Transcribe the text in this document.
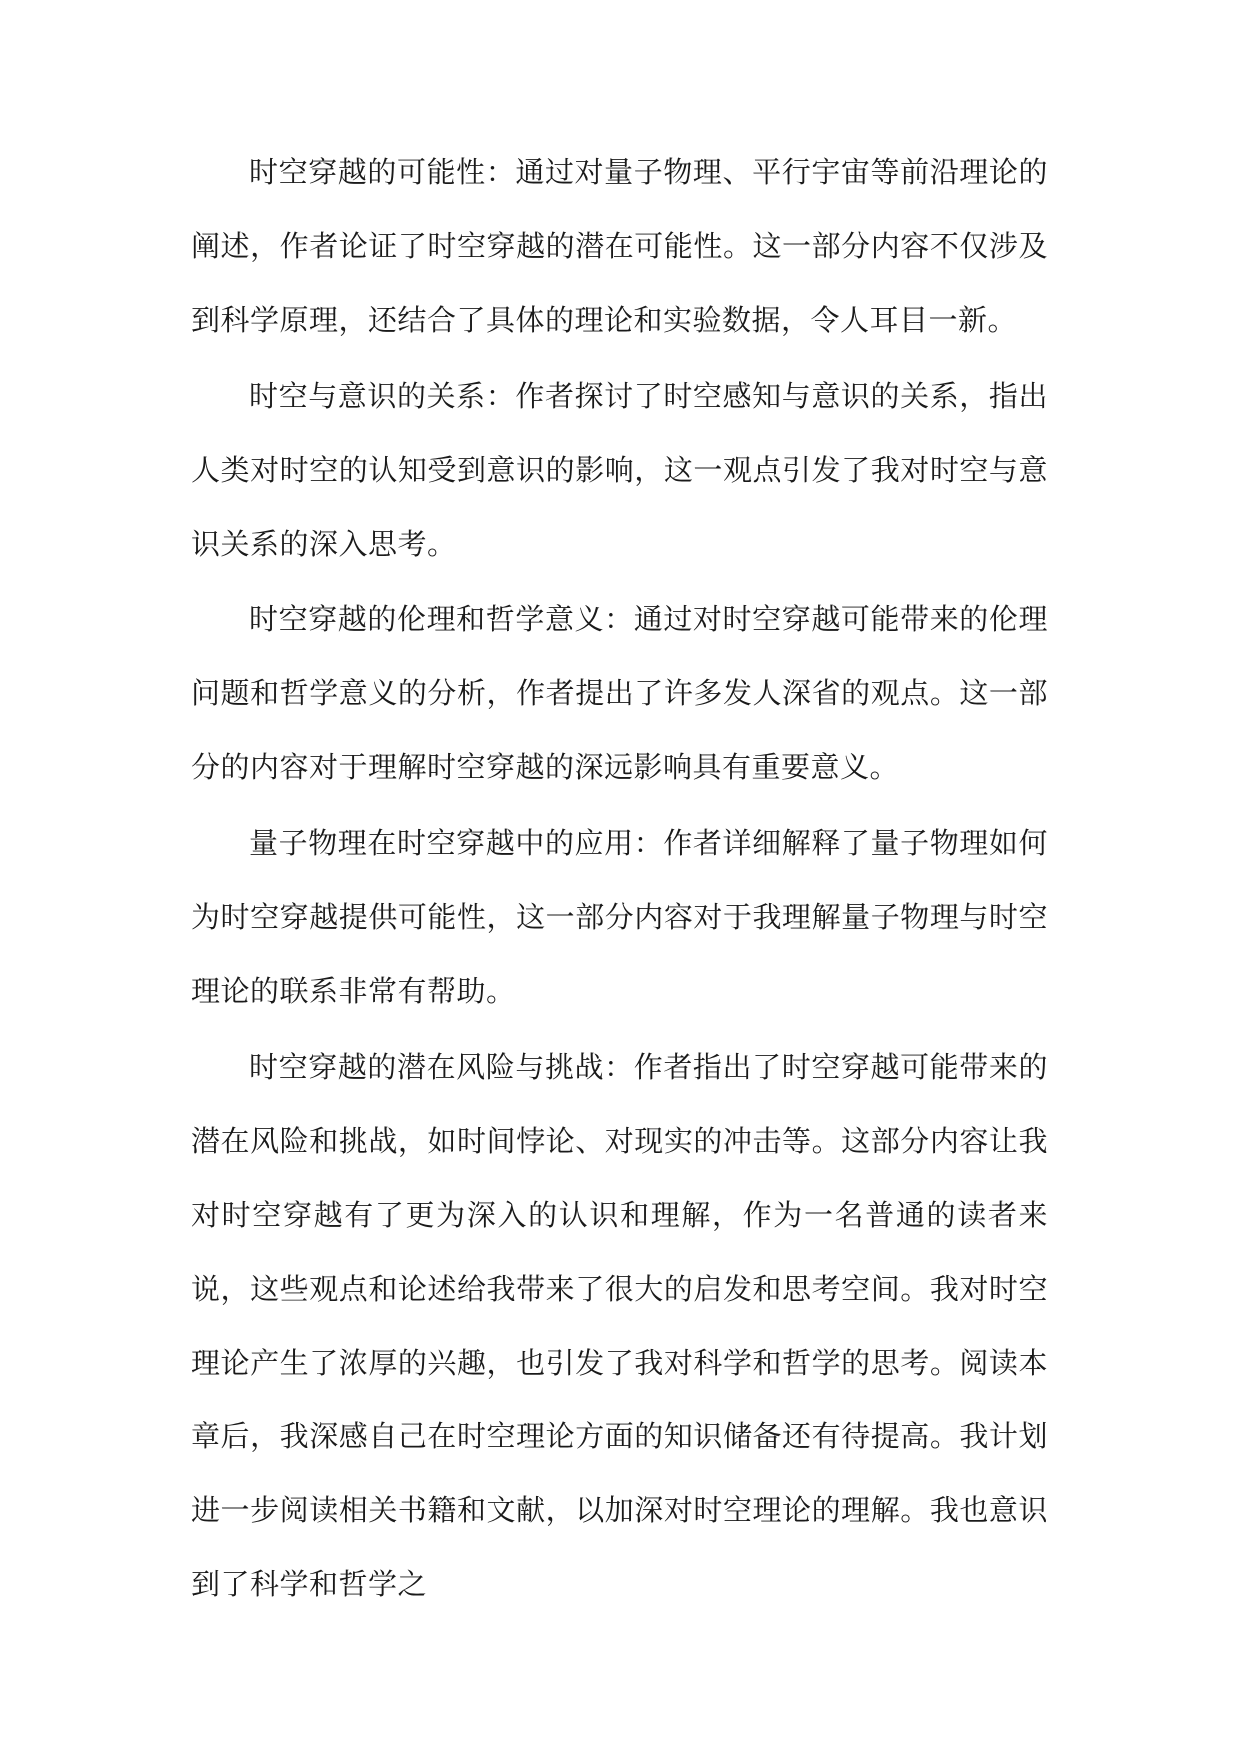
时空穿越的可能性：通过对量子物理、平行宇宙等前沿理论的阐述，作者论证了时空穿越的潜在可能性。这一部分内容不仅涉及到科学原理，还结合了具体的理论和实验数据，令人耳目一新。

时空与意识的关系：作者探讨了时空感知与意识的关系，指出人类对时空的认知受到意识的影响，这一观点引发了我对时空与意识关系的深入思考。

时空穿越的伦理和哲学意义：通过对时空穿越可能带来的伦理问题和哲学意义的分析，作者提出了许多发人深省的观点。这一部分的内容对于理解时空穿越的深远影响具有重要意义。

量子物理在时空穿越中的应用：作者详细解释了量子物理如何为时空穿越提供可能性，这一部分内容对于我理解量子物理与时空理论的联系非常有帮助。

时空穿越的潜在风险与挑战：作者指出了时空穿越可能带来的潜在风险和挑战，如时间悖论、对现实的冲击等。这部分内容让我对时空穿越有了更为深入的认识和理解，作为一名普通的读者来说，这些观点和论述给我带来了很大的启发和思考空间。我对时空理论产生了浓厚的兴趣，也引发了我对科学和哲学的思考。阅读本章后，我深感自己在时空理论方面的知识储备还有待提高。我计划进一步阅读相关书籍和文献，以加深对时空理论的理解。我也意识到了科学和哲学之
